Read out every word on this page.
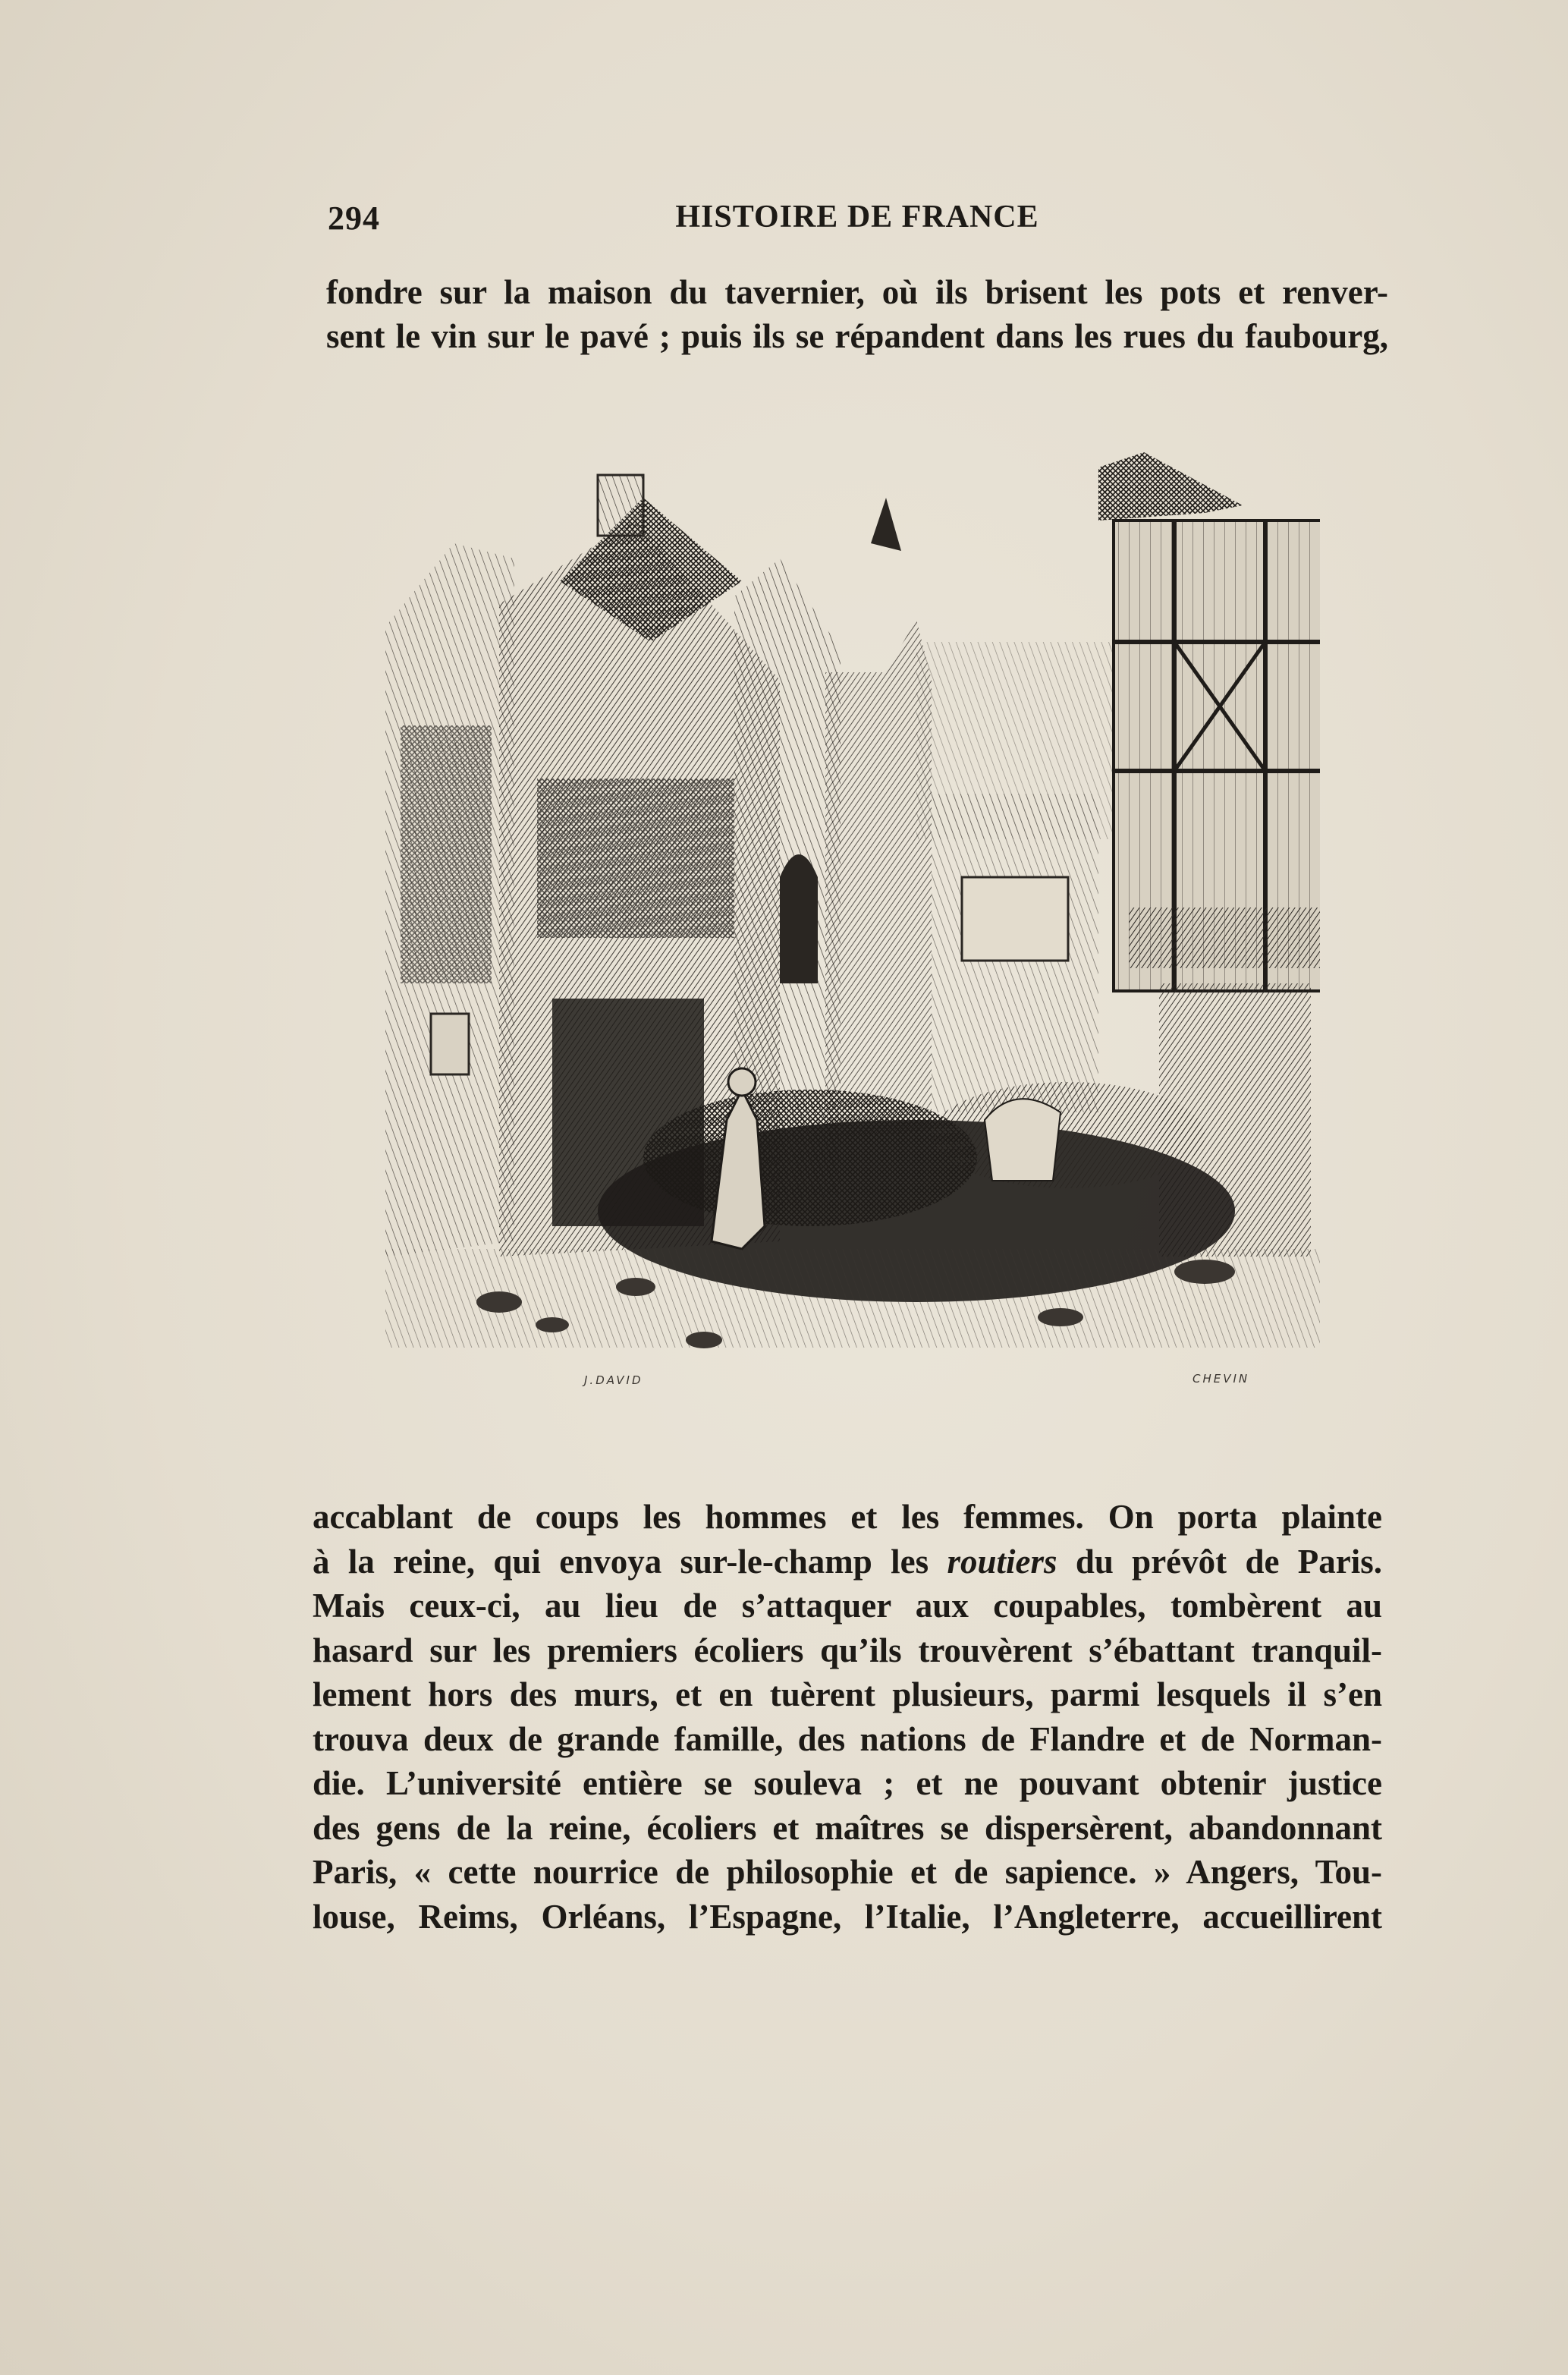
294	HISTOIRE DE FRANCE
fondre sur la maison du tavernier, où ils brisent les pots et renver-
sent le vin sur le pavé ; puis ils se répandent dans les rues du faubourg,
J.DAVID	CHEVIN
accablant de coups les hommes et les femmes. On porta plainte
à la reine, qui envoya sur-le-champ les routiers du prévôt de Paris.
Mais ceux-ci, au lieu de s’attaquer aux coupables, tombèrent au
hasard sur les premiers écoliers qu’ils trouvèrent s’ébattant tranquil-
lement hors des murs, et en tuèrent plusieurs, parmi lesquels il s’en
trouva deux de grande famille, des nations de Flandre et de Norman-
die. L’université entière se souleva ; et ne pouvant obtenir justice
des gens de la reine, écoliers et maîtres se dispersèrent, abandonnant
Paris, « cette nourrice de philosophie et de sapience. » Angers, Tou-
louse, Reims, Orléans, l’Espagne, l’Italie, l’Angleterre, accueillirent
